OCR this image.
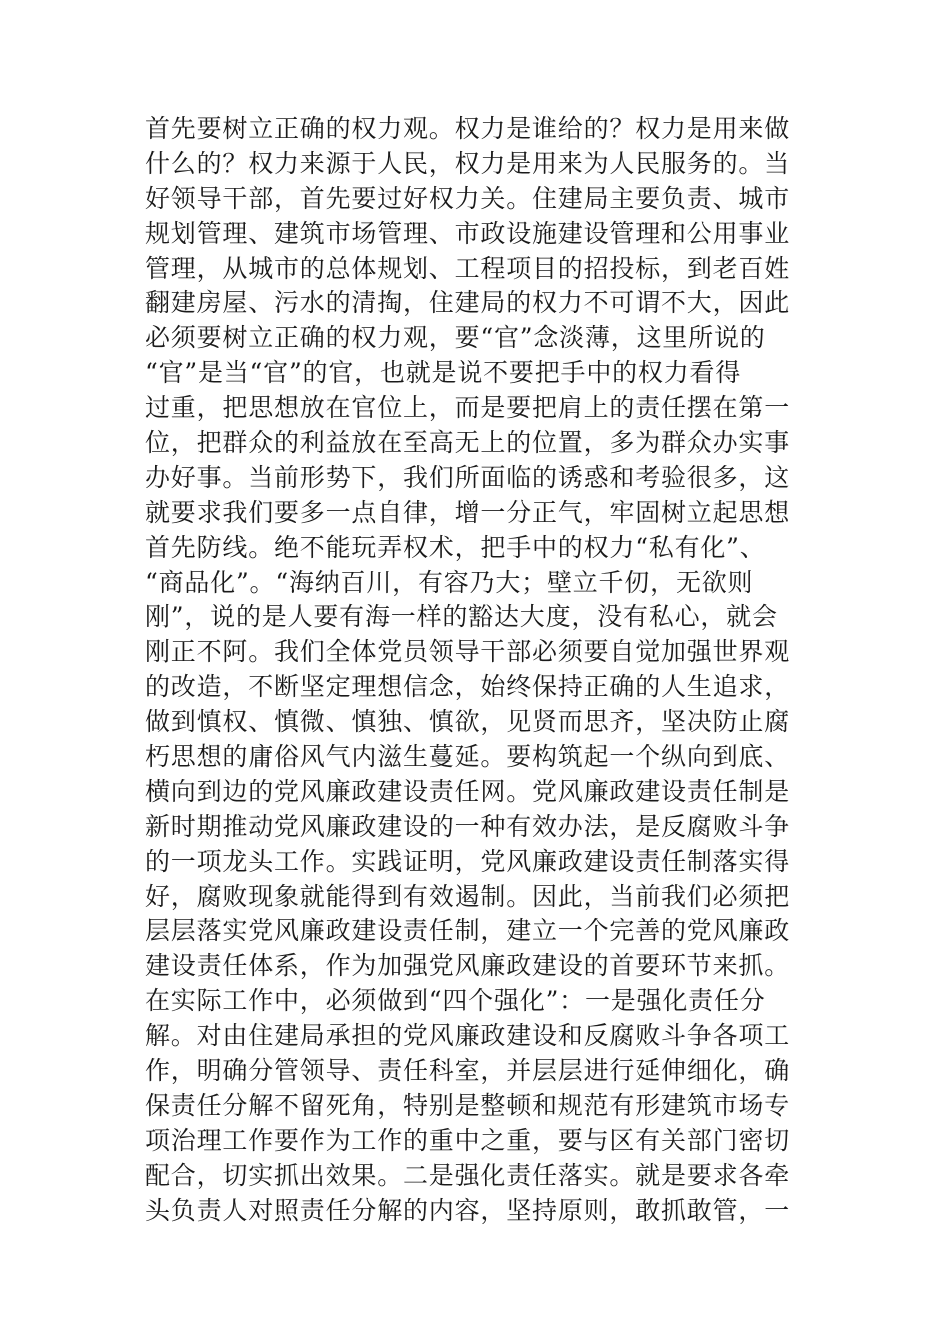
首先要树立正确的权力观。权力是谁给的？权力是用来做
什么的？权力来源于人民，权力是用来为人民服务的。当
好领导干部，首先要过好权力关。住建局主要负责、城市
规划管理、建筑市场管理、市政设施建设管理和公用事业
管理，从城市的总体规划、工程项目的招投标，到老百姓
翻建房屋、污水的清掏，住建局的权力不可谓不大，因此
必须要树立正确的权力观，要“官”念淡薄，这里所说的
“官”是当“官”的官，也就是说不要把手中的权力看得
过重，把思想放在官位上，而是要把肩上的责任摆在第一
位，把群众的利益放在至高无上的位置，多为群众办实事
办好事。当前形势下，我们所面临的诱惑和考验很多，这
就要求我们要多一点自律，增一分正气，牢固树立起思想
首先防线。绝不能玩弄权术，把手中的权力“私有化”、
“商品化”。“海纳百川，有容乃大；壁立千仞，无欲则
刚”，说的是人要有海一样的豁达大度，没有私心，就会
刚正不阿。我们全体党员领导干部必须要自觉加强世界观
的改造，不断坚定理想信念，始终保持正确的人生追求，
做到慎权、慎微、慎独、慎欲，见贤而思齐，坚决防止腐
朽思想的庸俗风气内滋生蔓延。要构筑起一个纵向到底、
横向到边的党风廉政建设责任网。党风廉政建设责任制是
新时期推动党风廉政建设的一种有效办法，是反腐败斗争
的一项龙头工作。实践证明，党风廉政建设责任制落实得
好，腐败现象就能得到有效遏制。因此，当前我们必须把
层层落实党风廉政建设责任制，建立一个完善的党风廉政
建设责任体系，作为加强党风廉政建设的首要环节来抓。
在实际工作中，必须做到“四个强化”：一是强化责任分
解。对由住建局承担的党风廉政建设和反腐败斗争各项工
作，明确分管领导、责任科室，并层层进行延伸细化，确
保责任分解不留死角，特别是整顿和规范有形建筑市场专
项治理工作要作为工作的重中之重，要与区有关部门密切
配合，切实抓出效果。二是强化责任落实。就是要求各牵
头负责人对照责任分解的内容，坚持原则，敢抓敢管，一
